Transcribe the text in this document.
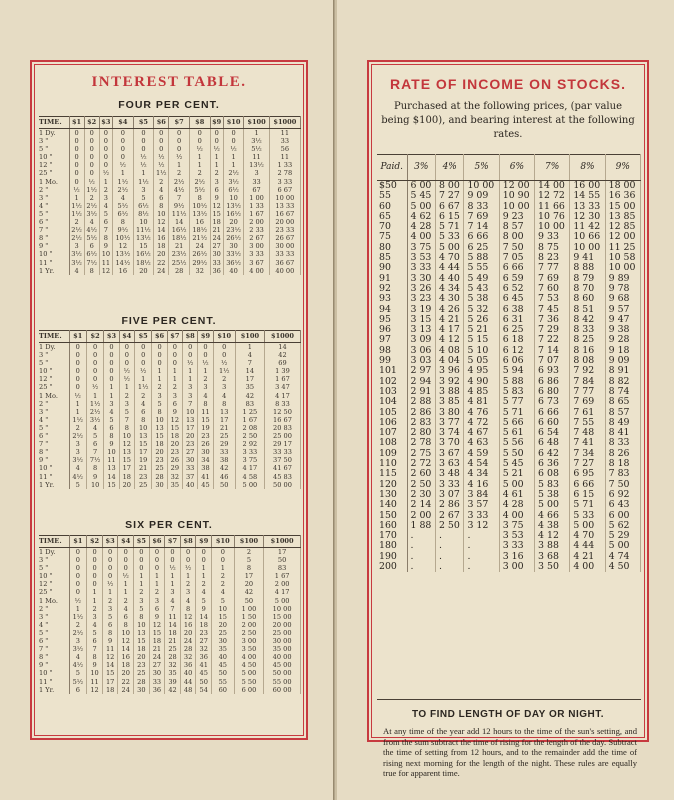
INTEREST TABLE.
FOUR PER CENT.
TIME.	$1	$2	$3	$4	$5	$6	$7	$8	$9	$10	$100	$1000
1 Dy.	0	0	0	0	0	0	0	0	0	0	1	11
3 "	0	0	0	0	0	0	0	0	0	0	3½	33
5 "	0	0	0	0	0	0	0	½	½	½	5½	56
10 "	0	0	0	0	½	½	½	1	1	1	11	11
12 "	0	0	0	½	½	½	1	1	1	1	13½	1 33
25 "	0	0	½	1	1	1½	2	2	2	2½	3	2 78
1 Mo.	0	½	1	1½	1½	2	2½	2½	3	3½	33	3 33
2 "	½	1½	2	2½	3	4	4½	5½	6	6½	67	6 67
3 "	1	2	3	4	5	6	7	8	9	10	1 00	10 00
4 "	1½	2½	4	5½	6½	8	9½	10½	12	13½	1 33	13 33
5 "	1½	3½	5	6½	8½	10	11½	13½	15	16½	1 67	16 67
6 "	2	4	6	8	10	12	14	16	18	20	2 00	20 00
7 "	2½	4½	7	9½	11½	14	16½	18½	21	23½	2 33	23 33
8 "	2½	5½	8	10½	13½	16	18½	21½	24	26½	2 67	26 67
9 "	3	6	9	12	15	18	21	24	27	30	3 00	30 00
10 "	3½	6½	10	13½	16½	20	23½	26½	30	33½	3 33	33 33
11 "	3½	7½	11	14½	18½	22	25½	29½	33	36½	3 67	36 67
1 Yr.	4	8	12	16	20	24	28	32	36	40	4 00	40 00
FIVE PER CENT.
TIME.	$1	$2	$3	$4	$5	$6	$7	$8	$9	$10	$100	$1000
1 Dy.	0	0	0	0	0	0	0	0	0	0	1	14
3 "	0	0	0	0	0	0	0	0	0	0	4	42
5 "	0	0	0	0	0	0	0	½	½	½	7	69
10 "	0	0	0	½	½	1	1	1	1	1½	14	1 39
12 "	0	0	0	½	1	1	1	1	2	2	17	1 67
25 "	0	½	1	1	1½	2	2	3	3	3	35	3 47
1 Mo.	½	1	1	2	2	3	3	3	4	4	42	4 17
2 "	1	1½	3	3	4	5	6	7	8	8	83	8 33
3 "	1	2½	4	5	6	8	9	10	11	13	1 25	12 50
4 "	1½	3½	5	7	8	10	12	13	15	17	1 67	16 67
5 "	2	4	6	8	10	13	15	17	19	21	2 08	20 83
6 "	2½	5	8	10	13	15	18	20	23	25	2 50	25 00
7 "	3	6	9	12	15	18	20	23	26	29	2 92	29 17
8 "	3	7	10	13	17	20	23	27	30	33	3 33	33 33
9 "	3½	7½	11	15	19	23	26	30	34	38	3 75	37 50
10 "	4	8	13	17	21	25	29	33	38	42	4 17	41 67
11 "	4½	9	14	18	23	28	32	37	41	46	4 58	45 83
1 Yr.	5	10	15	20	25	30	35	40	45	50	5 00	50 00
SIX PER CENT.
TIME.	$1	$2	$3	$4	$5	$6	$7	$8	$9	$10	$100	$1000
1 Dy.	0	0	0	0	0	0	0	0	0	0	2	17
3 "	0	0	0	0	0	0	0	0	0	0	5	50
5 "	0	0	0	0	0	0	½	½	1	1	8	83
10 "	0	0	0	½	1	1	1	1	1	2	17	1 67
12 "	0	0	½	1	1	1	1	2	2	2	20	2 00
25 "	0	1	1	1	2	2	3	3	4	4	42	4 17
1 Mo.	½	1	2	2	3	3	4	4	5	5	50	5 00
2 "	1	2	3	4	5	6	7	8	9	10	1 00	10 00
3 "	1½	3	5	6	8	9	11	12	14	15	1 50	15 00
4 "	2	4	6	8	10	12	14	16	18	20	2 00	20 00
5 "	2½	5	8	10	13	15	18	20	23	25	2 50	25 00
6 "	3	6	9	12	15	18	21	24	27	30	3 00	30 00
7 "	3½	7	11	14	18	21	25	28	32	35	3 50	35 00
8 "	4	8	12	16	20	24	28	32	36	40	4 00	40 00
9 "	4½	9	14	18	23	27	32	36	41	45	4 50	45 00
10 "	5	10	15	20	25	30	35	40	45	50	5 00	50 00
11 "	5½	11	17	22	28	33	39	44	50	55	5 50	55 00
1 Yr.	6	12	18	24	30	36	42	48	54	60	6 00	60 00
RATE OF INCOME ON STOCKS.
Purchased at the following prices, (par value being $100), and bearing interest at the following rates.
Paid.	3%	4%	5%	6%	7%	8%	9%
$50	6 00	8 00	10 00	12 00	14 00	16 00	18 00
55	5 45	7 27	9 09	10 90	12 72	14 55	16 36
60	5 00	6 67	8 33	10 00	11 66	13 33	15 00
65	4 62	6 15	7 69	9 23	10 76	12 30	13 85
70	4 28	5 71	7 14	8 57	10 00	11 42	12 85
75	4 00	5 33	6 66	8 00	9 33	10 66	12 00
80	3 75	5 00	6 25	7 50	8 75	10 00	11 25
85	3 53	4 70	5 88	7 05	8 23	9 41	10 58
90	3 33	4 44	5 55	6 66	7 77	8 88	10 00
91	3 30	4 40	5 49	6 59	7 69	8 79	9 89
92	3 26	4 34	5 43	6 52	7 60	8 70	9 78
93	3 23	4 30	5 38	6 45	7 53	8 60	9 68
94	3 19	4 26	5 32	6 38	7 45	8 51	9 57
95	3 15	4 21	5 26	6 31	7 36	8 42	9 47
96	3 13	4 17	5 21	6 25	7 29	8 33	9 38
97	3 09	4 12	5 15	6 18	7 22	8 25	9 28
98	3 06	4 08	5 10	6 12	7 14	8 16	9 18
99	3 03	4 04	5 05	6 06	7 07	8 08	9 09
101	2 97	3 96	4 95	5 94	6 93	7 92	8 91
102	2 94	3 92	4 90	5 88	6 86	7 84	8 82
103	2 91	3 88	4 85	5 83	6 80	7 77	8 74
104	2 88	3 85	4 81	5 77	6 73	7 69	8 65
105	2 86	3 80	4 76	5 71	6 66	7 61	8 57
106	2 83	3 77	4 72	5 66	6 60	7 55	8 49
107	2 80	3 74	4 67	5 61	6 54	7 48	8 41
108	2 78	3 70	4 63	5 56	6 48	7 41	8 33
109	2 75	3 67	4 59	5 50	6 42	7 34	8 26
110	2 72	3 63	4 54	5 45	6 36	7 27	8 18
115	2 60	3 48	4 34	5 21	6 08	6 95	7 83
120	2 50	3 33	4 16	5 00	5 83	6 66	7 50
130	2 30	3 07	3 84	4 61	5 38	6 15	6 92
140	2 14	2 86	3 57	4 28	5 00	5 71	6 43
150	2 00	2 67	3 33	4 00	4 66	5 33	6 00
160	1 88	2 50	3 12	3 75	4 38	5 00	5 62
170	.	.	.	3 53	4 12	4 70	5 29
180	.	.	.	3 33	3 88	4 44	5 00
190	.	.	.	3 16	3 68	4 21	4 74
200	.	.	.	3 00	3 50	4 00	4 50
TO FIND LENGTH OF DAY OR NIGHT.
At any time of the year add 12 hours to the time of the sun's setting, and from the sum subtract the time of rising for the length of the day. Subtract the time of setting from 12 hours, and to the remainder add the time of rising next morning for the length of the night. These rules are equally true for apparent time.
